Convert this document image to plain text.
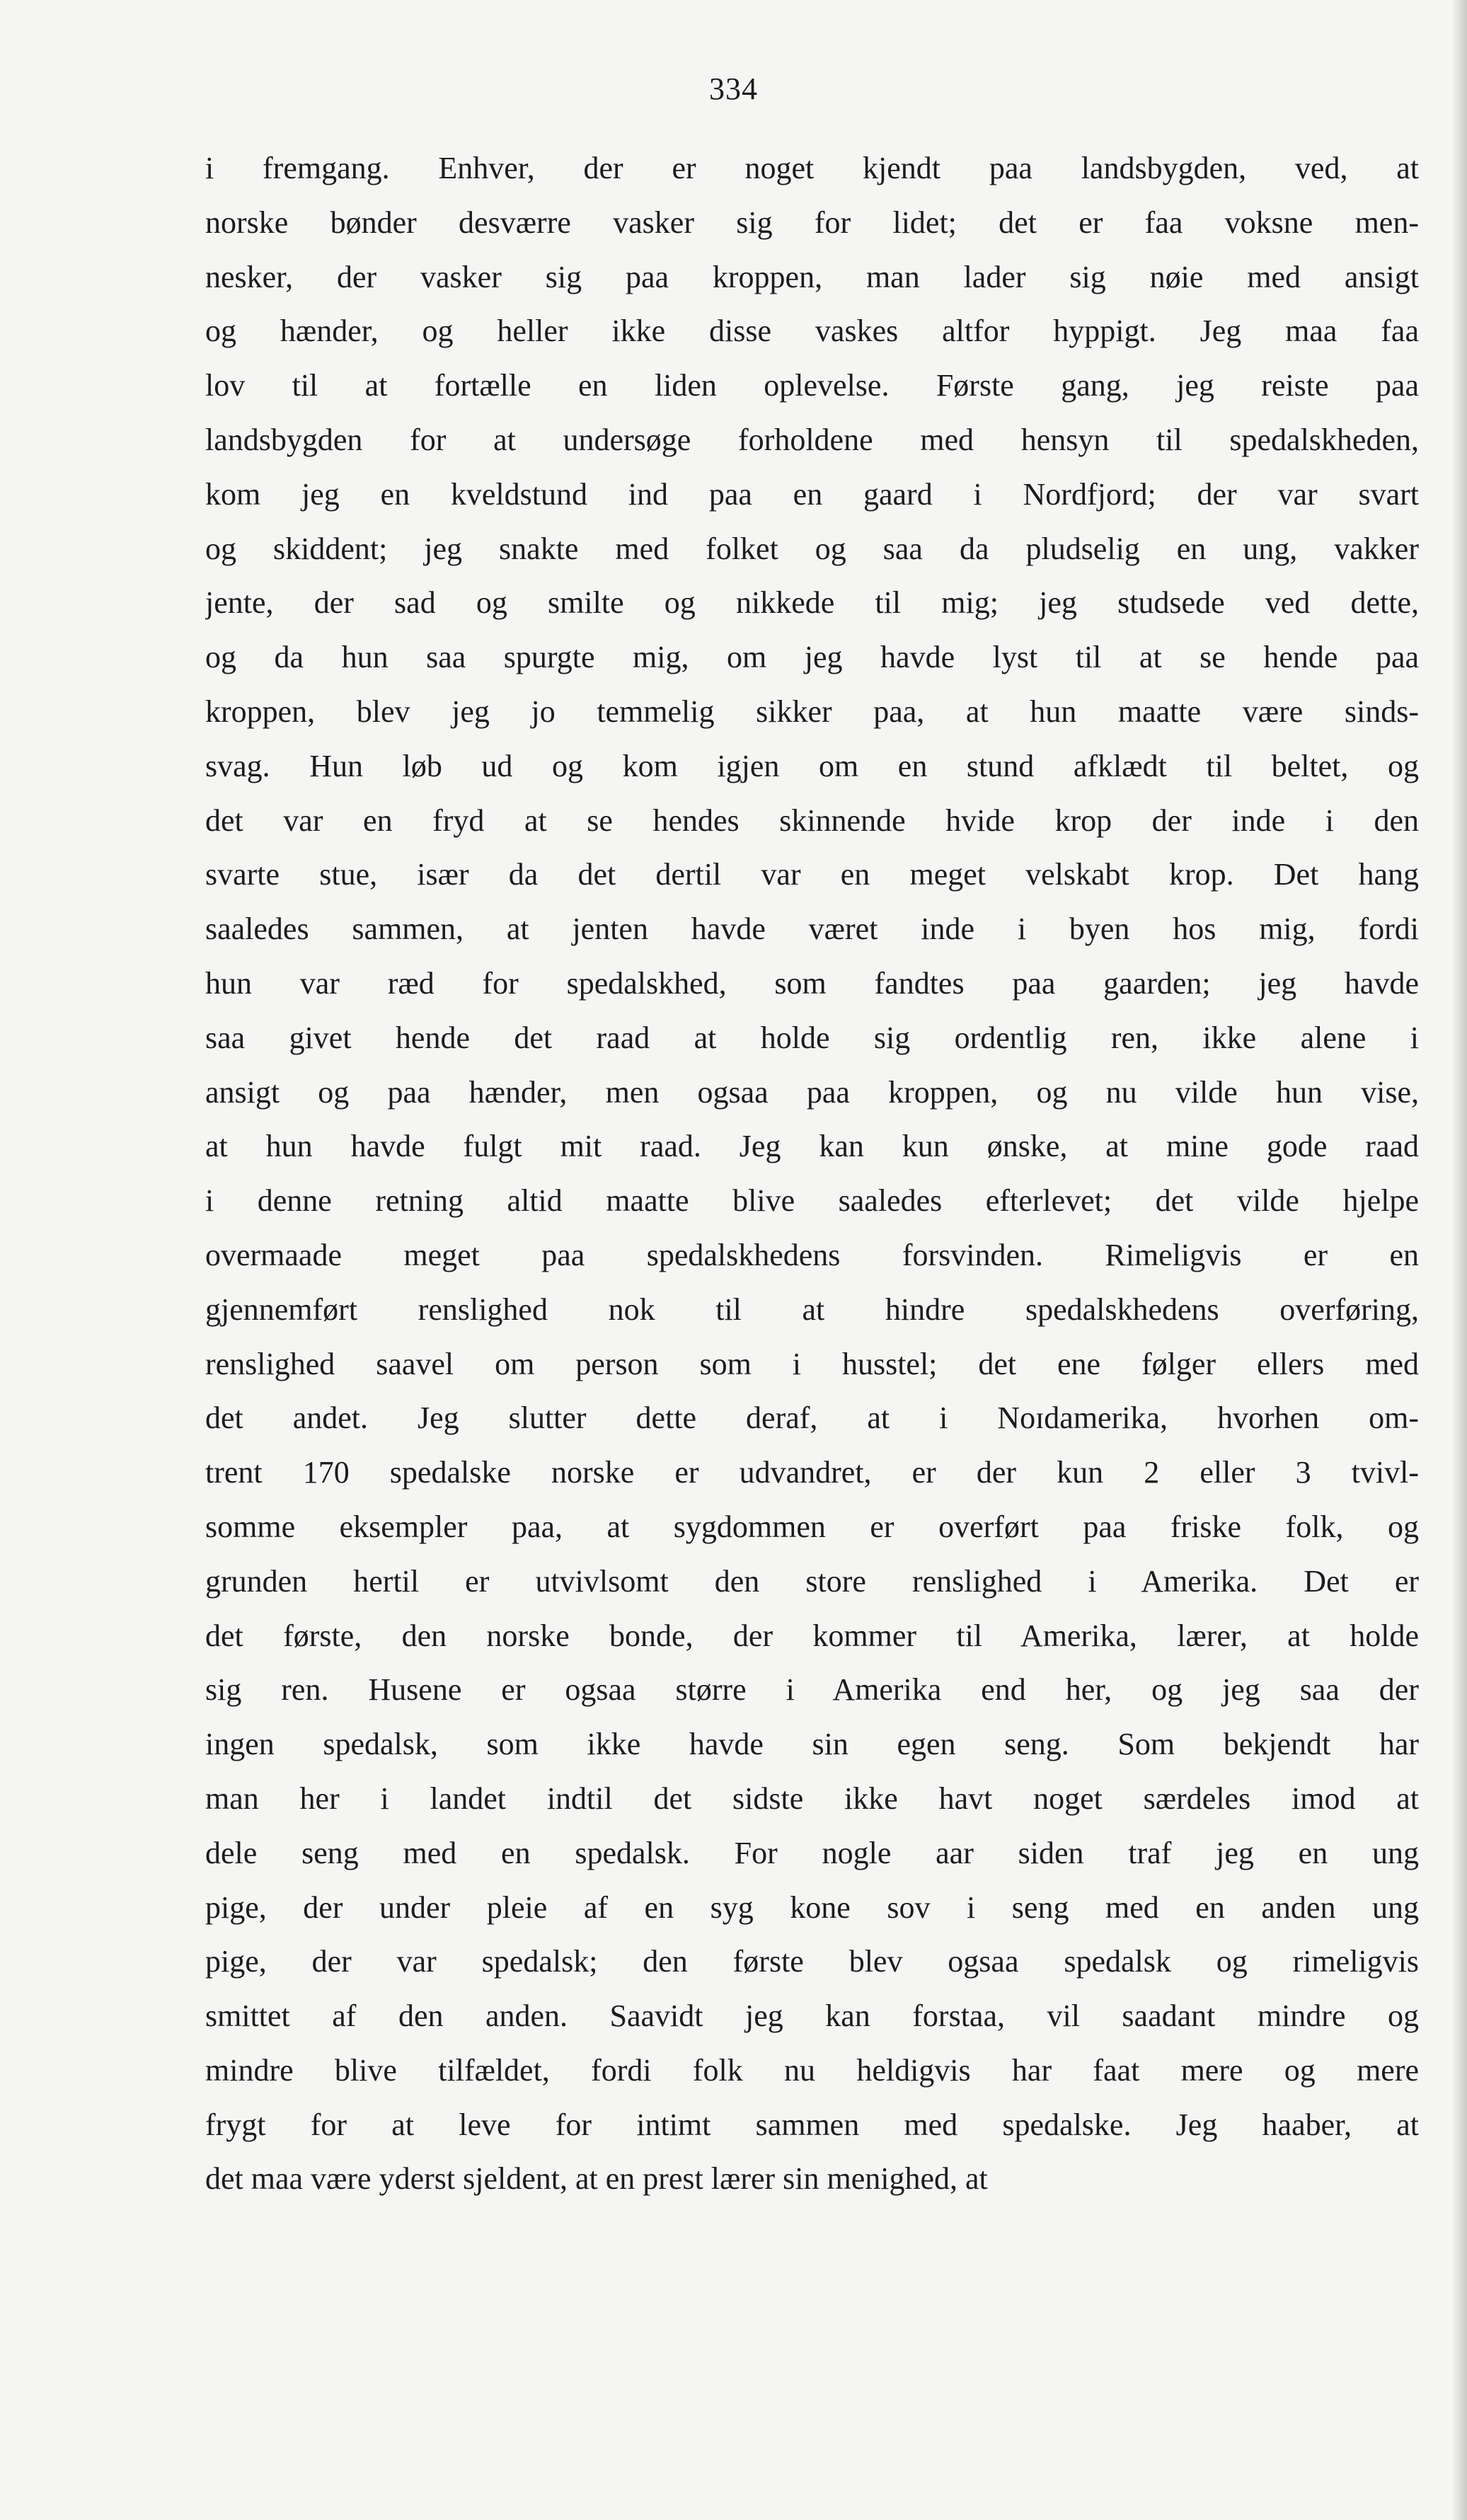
334
i fremgang. Enhver, der er noget kjendt paa landsbygden, ved, at
norske bønder desværre vasker sig for lidet; det er faa voksne men-
nesker, der vasker sig paa kroppen, man lader sig nøie med ansigt
og hænder, og heller ikke disse vaskes altfor hyppigt. Jeg maa faa
lov til at fortælle en liden oplevelse. Første gang, jeg reiste paa
landsbygden for at undersøge forholdene med hensyn til spedalskheden,
kom jeg en kveldstund ind paa en gaard i Nordfjord; der var svart
og skiddent; jeg snakte med folket og saa da pludselig en ung, vakker
jente, der sad og smilte og nikkede til mig; jeg studsede ved dette,
og da hun saa spurgte mig, om jeg havde lyst til at se hende paa
kroppen, blev jeg jo temmelig sikker paa, at hun maatte være sinds-
svag. Hun løb ud og kom igjen om en stund afklædt til beltet, og
det var en fryd at se hendes skinnende hvide krop der inde i den
svarte stue, især da det dertil var en meget velskabt krop. Det hang
saaledes sammen, at jenten havde været inde i byen hos mig, fordi
hun var ræd for spedalskhed, som fandtes paa gaarden; jeg havde
saa givet hende det raad at holde sig ordentlig ren, ikke alene i
ansigt og paa hænder, men ogsaa paa kroppen, og nu vilde hun vise,
at hun havde fulgt mit raad. Jeg kan kun ønske, at mine gode raad
i denne retning altid maatte blive saaledes efterlevet; det vilde hjelpe
overmaade meget paa spedalskhedens forsvinden. Rimeligvis er en
gjennemført renslighed nok til at hindre spedalskhedens overføring,
renslighed saavel om person som i husstel; det ene følger ellers med
det andet. Jeg slutter dette deraf, at i Noɪdamerika, hvorhen om-
trent 170 spedalske norske er udvandret, er der kun 2 eller 3 tvivl-
somme eksempler paa, at sygdommen er overført paa friske folk, og
grunden hertil er utvivlsomt den store renslighed i Amerika. Det er
det første, den norske bonde, der kommer til Amerika, lærer, at holde
sig ren. Husene er ogsaa større i Amerika end her, og jeg saa der
ingen spedalsk, som ikke havde sin egen seng. Som bekjendt har
man her i landet indtil det sidste ikke havt noget særdeles imod at
dele seng med en spedalsk. For nogle aar siden traf jeg en ung
pige, der under pleie af en syg kone sov i seng med en anden ung
pige, der var spedalsk; den første blev ogsaa spedalsk og rimeligvis
smittet af den anden. Saavidt jeg kan forstaa, vil saadant mindre og
mindre blive tilfældet, fordi folk nu heldigvis har faat mere og mere
frygt for at leve for intimt sammen med spedalske. Jeg haaber, at
det maa være yderst sjeldent, at en prest lærer sin menighed, at
